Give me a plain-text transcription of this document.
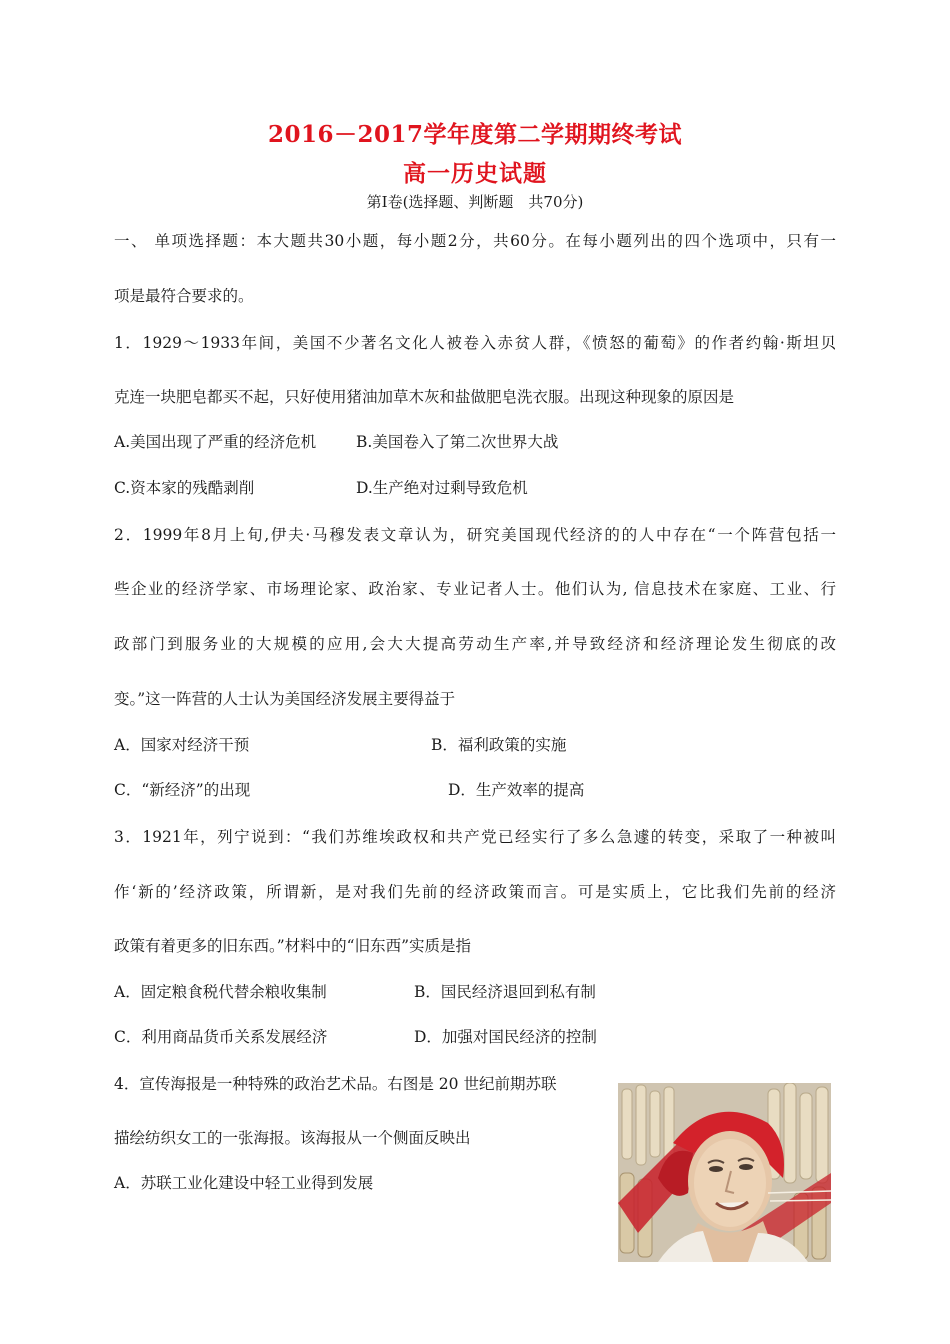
2016－2017学年度第二学期期终考试
高一历史试题
第Ⅰ卷(选择题、判断题　共70分)
一、 单项选择题：本大题共30小题，每小题2分，共60分。在每小题列出的四个选项中，只有一
项是最符合要求的。
1．1929～1933年间，美国不少著名文化人被卷入赤贫人群，《愤怒的葡萄》的作者约翰·斯坦贝
克连一块肥皂都买不起，只好使用猪油加草木灰和盐做肥皂洗衣服。出现这种现象的原因是
A.美国出现了严重的经济危机	B.美国卷入了第二次世界大战
C.资本家的残酷剥削	D.生产绝对过剩导致危机
2．1999年8月上旬,伊夫·马穆发表文章认为，研究美国现代经济的的人中存在“一个阵营包括一
些企业的经济学家、市场理论家、政治家、专业记者人士。他们认为, 信息技术在家庭、工业、行
政部门到服务业的大规模的应用,会大大提高劳动生产率,并导致经济和经济理论发生彻底的改
变。”这一阵营的人士认为美国经济发展主要得益于
A．国家对经济干预	B．福利政策的实施
C．“新经济”的出现	D．生产效率的提高
3．1921年，列宁说到：“我们苏维埃政权和共产党已经实行了多么急遽的转变，采取了一种被叫
作‘新的’经济政策，所谓新，是对我们先前的经济政策而言。可是实质上，它比我们先前的经济
政策有着更多的旧东西。”材料中的“旧东西”实质是指
A．固定粮食税代替余粮收集制	B．国民经济退回到私有制
C．利用商品货币关系发展经济	D．加强对国民经济的控制
4．宣传海报是一种特殊的政治艺术品。右图是 20 世纪前期苏联
描绘纺织女工的一张海报。该海报从一个侧面反映出
A．苏联工业化建设中轻工业得到发展
